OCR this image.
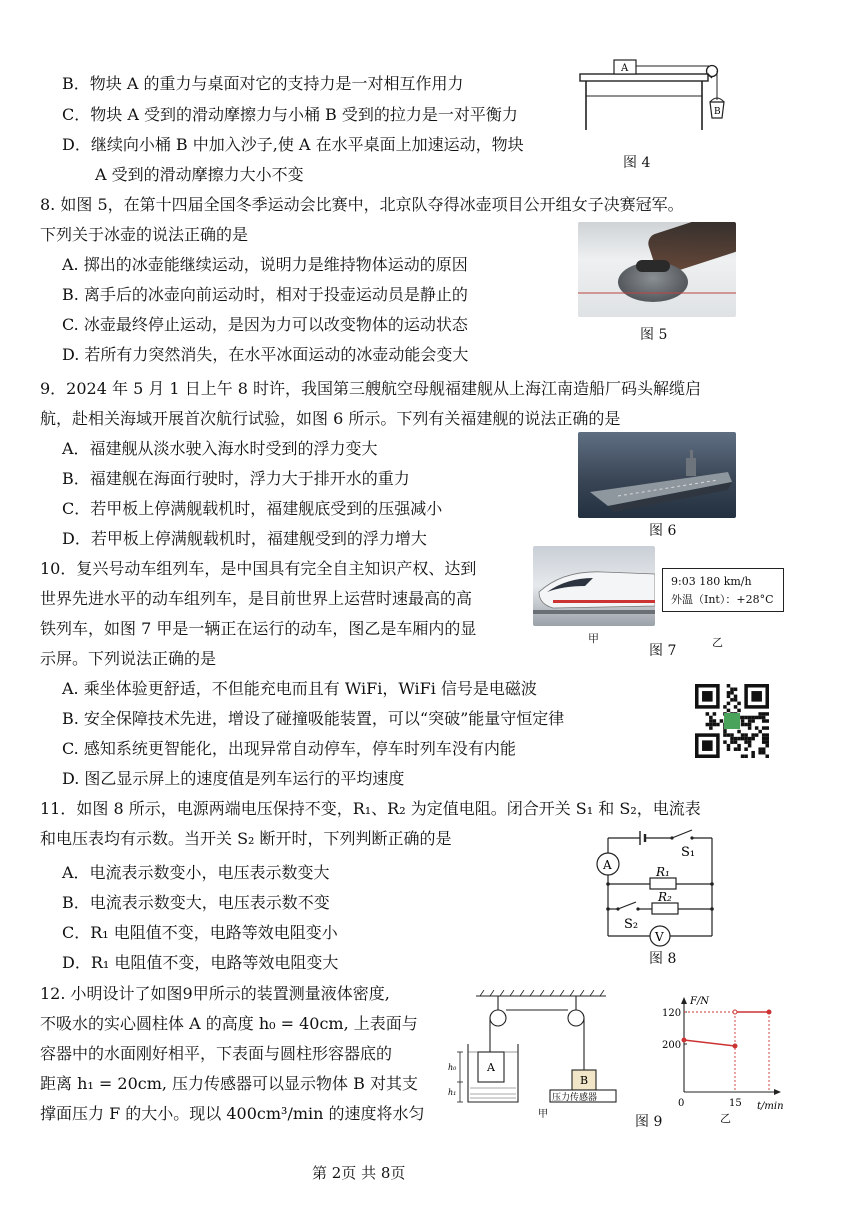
B．物块 A 的重力与桌面对它的支持力是一对相互作用力
C．物块 A 受到的滑动摩擦力与小桶 B 受到的拉力是一对平衡力
D．继续向小桶 B 中加入沙子,使 A 在水平桌面上加速运动，物块
A 受到的滑动摩擦力大小不变
A
B
图 4
8. 如图 5，在第十四届全国冬季运动会比赛中，北京队夺得冰壶项目公开组女子决赛冠军。
下列关于冰壶的说法正确的是
A. 掷出的冰壶能继续运动，说明力是维持物体运动的原因
B. 离手后的冰壶向前运动时，相对于投壶运动员是静止的
C. 冰壶最终停止运动，是因为力可以改变物体的运动状态
D. 若所有力突然消失，在水平冰面运动的冰壶动能会变大
图 5
9．2024 年 5 月 1 日上午 8 时许，我国第三艘航空母舰福建舰从上海江南造船厂码头解缆启
航，赴相关海域开展首次航行试验，如图 6 所示。下列有关福建舰的说法正确的是
A．福建舰从淡水驶入海水时受到的浮力变大
B．福建舰在海面行驶时，浮力大于排开水的重力
C．若甲板上停满舰载机时，福建舰底受到的压强减小
D．若甲板上停满舰载机时，福建舰受到的浮力增大	图 6
10．复兴号动车组列车，是中国具有完全自主知识产权、达到
世界先进水平的动车组列车，是目前世界上运营时速最高的高
铁列车，如图 7 甲是一辆正在运行的动车，图乙是车厢内的显
示屏。下列说法正确的是
A. 乘坐体验更舒适，不但能充电而且有 WiFi，WiFi 信号是电磁波
B. 安全保障技术先进，增设了碰撞吸能装置，可以“突破”能量守恒定律
C. 感知系统更智能化，出现异常自动停车，停车时列车没有内能
D. 图乙显示屏上的速度值是列车运行的平均速度
甲
9:03 180 km/h
外温（Int）：+28°C
图 7
乙
11．如图 8 所示，电源两端电压保持不变，R₁、R₂ 为定值电阻。闭合开关 S₁ 和 S₂，电流表
和电压表均有示数。当开关 S₂ 断开时，下列判断正确的是
A．电流表示数变小，电压表示数变大
B．电流表示数变大，电压表示数不变
C．R₁ 电阻值不变，电路等效电阻变小
D．R₁ 电阻值不变，电路等效电阻变大
A
V
S₁
S₂
R₁
R₂
图 8
12. 小明设计了如图9甲所示的装置测量液体密度,
不吸水的实心圆柱体 A 的高度 h₀ = 40cm, 上表面与
容器中的水面刚好相平，下表面与圆柱形容器底的
距离 h₁ = 20cm, 压力传感器可以显示物体 B 对其支
撑面压力 F 的大小。现以 400cm³/min 的速度将水匀
A
B
压力传感器
h₀
h₁
甲
F/N
t/min
200
120
0	15
图 9	乙
第 2页 共 8页
